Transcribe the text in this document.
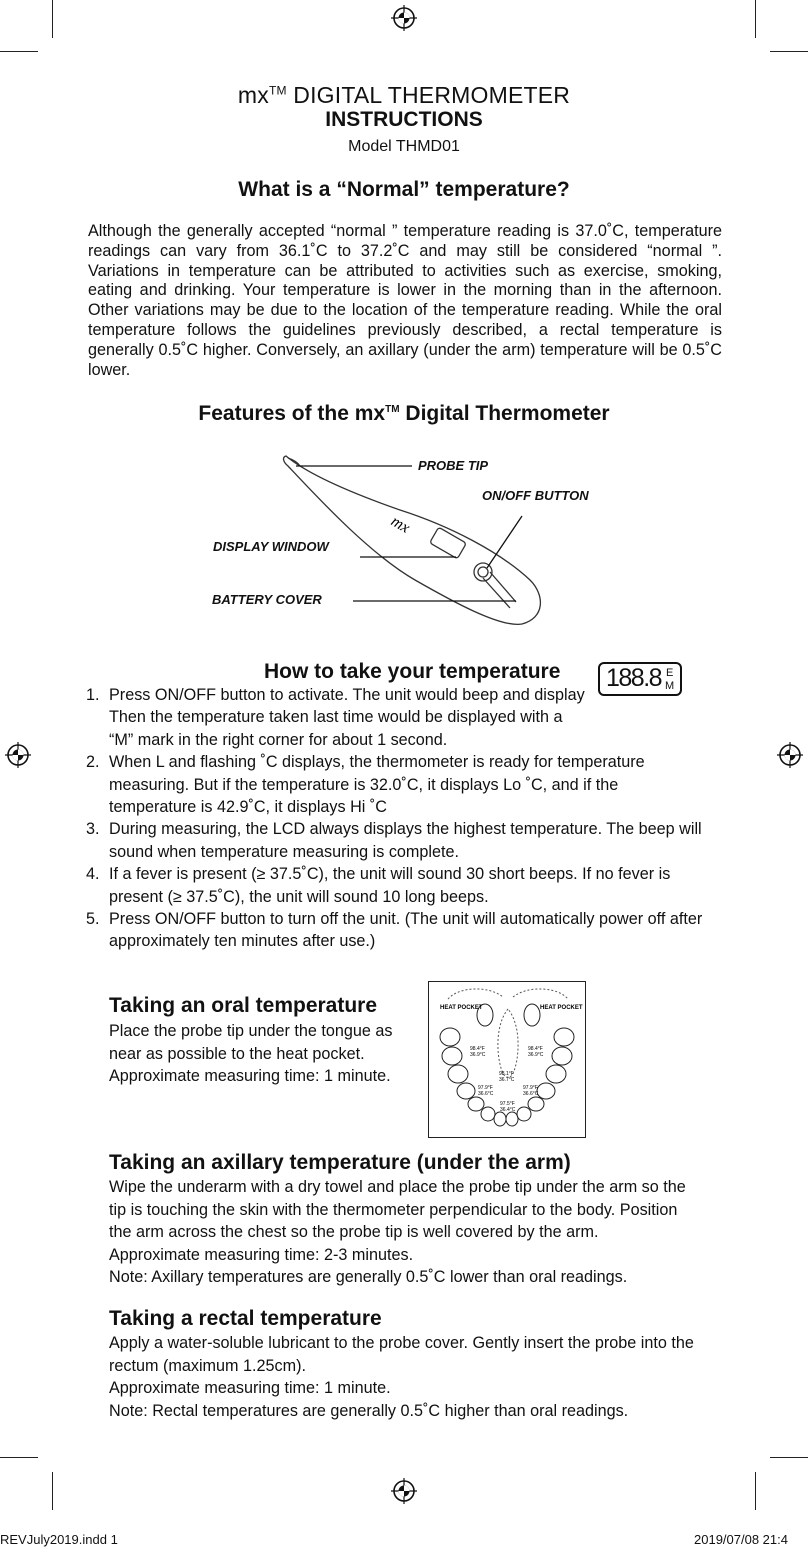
mx™ DIGITAL THERMOMETER
INSTRUCTIONS
Model THMD01
What is a “Normal” temperature?

Although the generally accepted “normal ” temperature reading is 37.0˚C, temperature readings can vary from 36.1˚C to 37.2˚C and may still be considered “normal ”. Variations in temperature can be attributed to activities such as exercise, smoking, eating and drinking. Your temperature is lower in the morning than in the afternoon. Other variations may be due to the location of the temperature reading. While the oral temperature follows the guidelines previously described, a rectal temperature is generally 0.5˚C higher. Conversely, an axillary (under the arm) temperature will be 0.5˚C lower.

Features of the mx™ Digital Thermometer
mx
PROBE TIP
ON/OFF BUTTON
DISPLAY WINDOW
BATTERY COVER
How to take your temperature 188.8 E
M
1. Press ON/OFF button to activate. The unit would beep and display Then the temperature taken last time would be displayed with a “M” mark in the right corner for about 1 second.
2. When L and flashing ˚C displays, the thermometer is ready for temperature measuring. But if the temperature is 32.0˚C, it displays Lo ˚C, and if the temperature is 42.9˚C, it displays Hi ˚C
3. During measuring, the LCD always displays the highest temperature. The beep will sound when temperature measuring is complete.
4. If a fever is present (≥ 37.5˚C), the unit will sound 30 short beeps. If no fever is present (≥ 37.5˚C), the unit will sound 10 long beeps.
5. Press ON/OFF button to turn off the unit. (The unit will automatically power off after approximately ten minutes after use.)
Taking an oral temperature
Place the probe tip under the tongue as
near as possible to the heat pocket.
Approximate measuring time: 1 minute.
HEAT POCKET	HEAT POCKET
98.4°F
36.9°C
98.4°F
36.9°C
98.1°F
36.7°C
97.9°F
36.6°C
97.9°F
36.6°C
97.5°F
36.4°C
Taking an axillary temperature (under the arm)
Wipe the underarm with a dry towel and place the probe tip under the arm so the
tip is touching the skin with the thermometer perpendicular to the body. Position
the arm across the chest so the probe tip is well covered by the arm.
Approximate measuring time: 2-3 minutes.
Note: Axillary temperatures are generally 0.5˚C lower than oral readings.
Taking a rectal temperature
Apply a water-soluble lubricant to the probe cover. Gently insert the probe into the
rectum (maximum 1.25cm).
Approximate measuring time: 1 minute.
Note: Rectal temperatures are generally 0.5˚C higher than oral readings.
REVJuly2019.indd 1	2019/07/08 21:4
